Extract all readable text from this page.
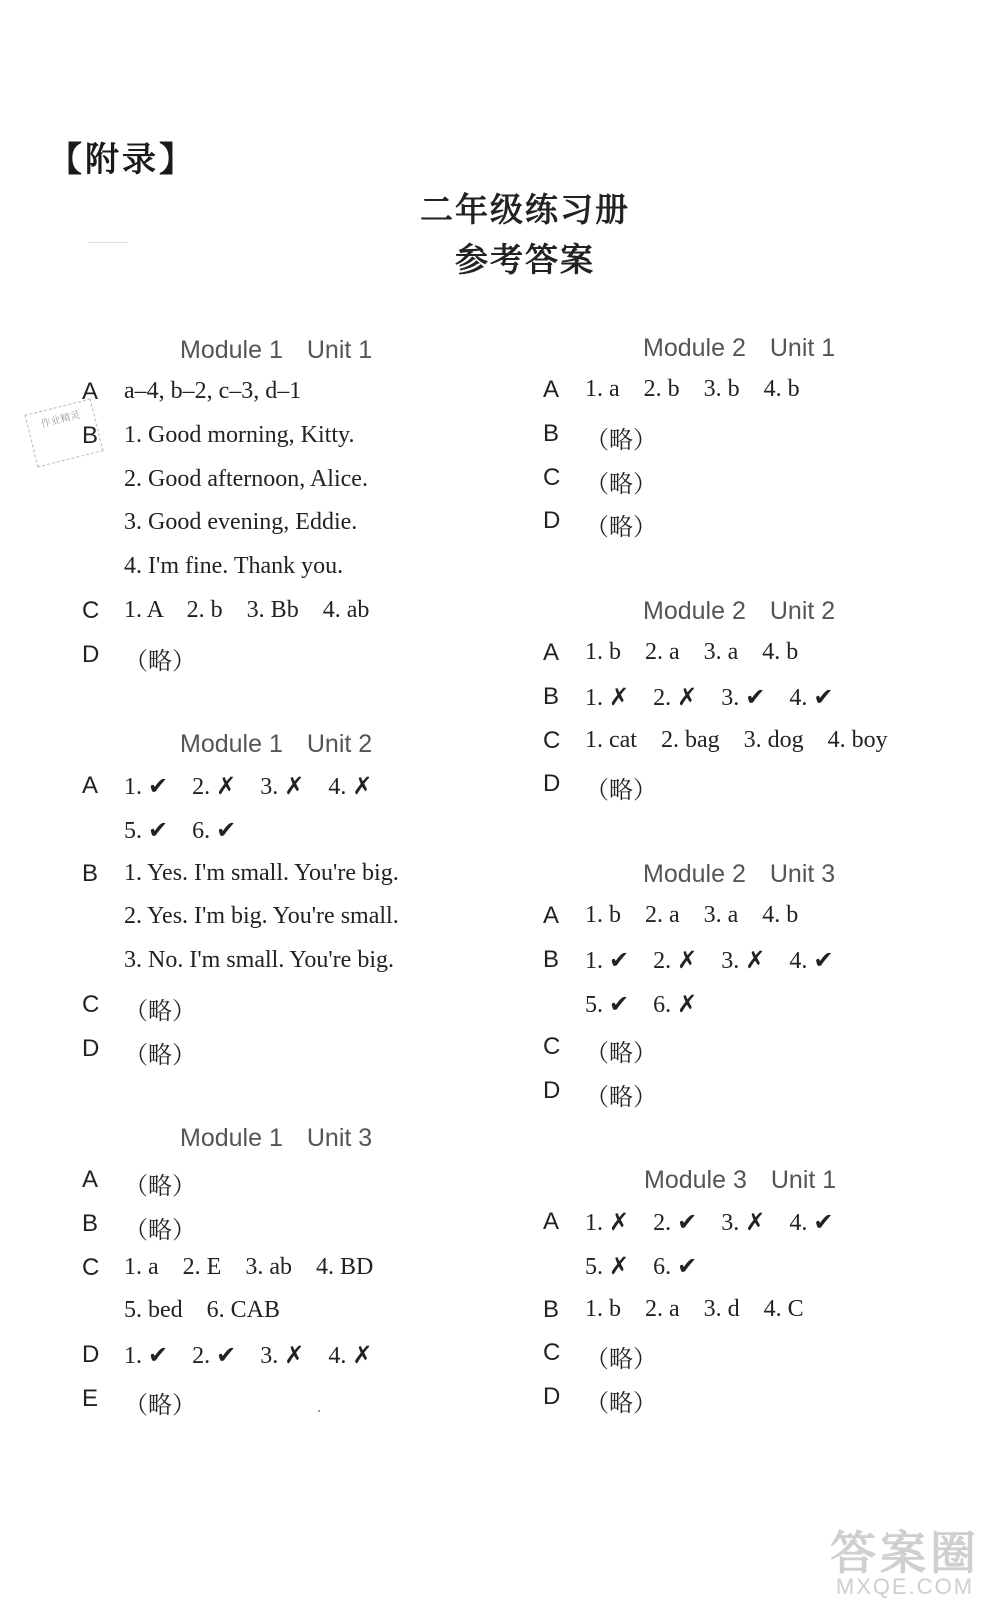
【附录】
二年级练习册
参考答案
作业精灵
Module 1 Unit 1
A a–4, b–2, c–3, d–1
B 1. Good morning, Kitty.
2. Good afternoon, Alice.
3. Good evening, Eddie.
4. I'm fine. Thank you.
C 1. A    2. b    3. Bb    4. ab
D （略）
Module 1 Unit 2
A 1. ✔    2. ✗    3. ✗    4. ✗
5. ✔    6. ✔
B 1. Yes. I'm small. You're big.
2. Yes. I'm big. You're small.
3. No. I'm small. You're big.
C （略）
D （略）
Module 1 Unit 3
A （略）
B （略）
C 1. a    2. E    3. ab    4. BD
5. bed    6. CAB
D 1. ✔    2. ✔    3. ✗    4. ✗
E （略）
Module 2 Unit 1
A 1. a    2. b    3. b    4. b
B （略）
C （略）
D （略）
Module 2 Unit 2
A 1. b    2. a    3. a    4. b
B 1. ✗    2. ✗    3. ✔    4. ✔
C 1. cat    2. bag    3. dog    4. boy
D （略）
Module 2 Unit 3
A 1. b    2. a    3. a    4. b
B 1. ✔    2. ✗    3. ✗    4. ✔
5. ✔    6. ✗
C （略）
D （略）
Module 3 Unit 1
A 1. ✗    2. ✔    3. ✗    4. ✔
5. ✗    6. ✔
B 1. b    2. a    3. d    4. C
C （略）
D （略）
答案圈
MXQE.COM
